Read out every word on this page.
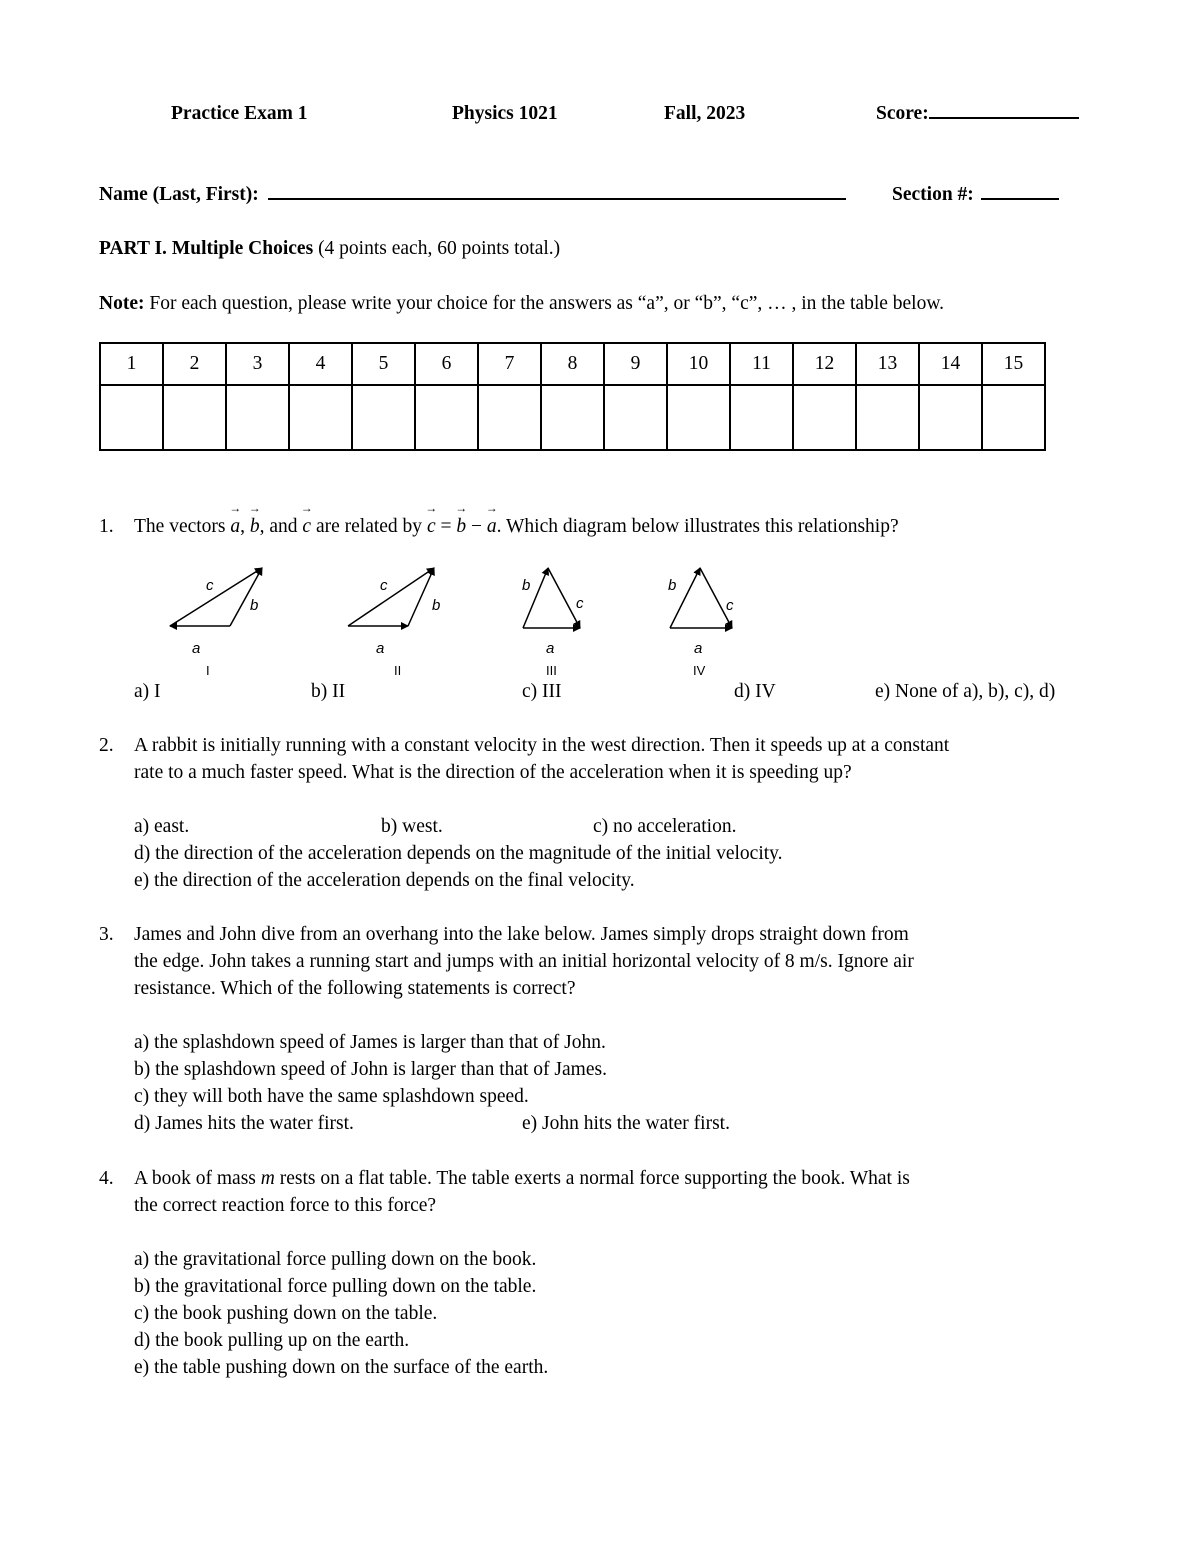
Practice Exam 1	Physics 1021	Fall, 2023	Score:
Name (Last, First):	Section #:
PART I. Multiple Choices (4 points each, 60 points total.)
Note: For each question, please write your choice for the answers as “a”, or “b”, “c”, … , in the table below.
1	2	3	4	5	6	7	8	9	10	11	12	13	14	15

1. The vectors → a, → b, and → c are related by → c = → b − → a. Which diagram below illustrates this relationship?
c
b
a
I
c
b
a
II
b
c
a
III
b
c
a
IV
a) I	b) II	c) III	d) IV	e) None of a), b), c), d)
2. A rabbit is initially running with a constant velocity in the west direction. Then it speeds up at a constant
rate to a much faster speed. What is the direction of the acceleration when it is speeding up?
a) east.	b) west.	c) no acceleration.
d) the direction of the acceleration depends on the magnitude of the initial velocity.
e) the direction of the acceleration depends on the final velocity.
3. James and John dive from an overhang into the lake below. James simply drops straight down from
the edge. John takes a running start and jumps with an initial horizontal velocity of 8 m/s. Ignore air
resistance. Which of the following statements is correct?
a) the splashdown speed of James is larger than that of John.
b) the splashdown speed of John is larger than that of James.
c) they will both have the same splashdown speed.
d) James hits the water first.	e) John hits the water first.
4. A book of mass m rests on a flat table. The table exerts a normal force supporting the book. What is
the correct reaction force to this force?
a) the gravitational force pulling down on the book.
b) the gravitational force pulling down on the table.
c) the book pushing down on the table.
d) the book pulling up on the earth.
e) the table pushing down on the surface of the earth.
